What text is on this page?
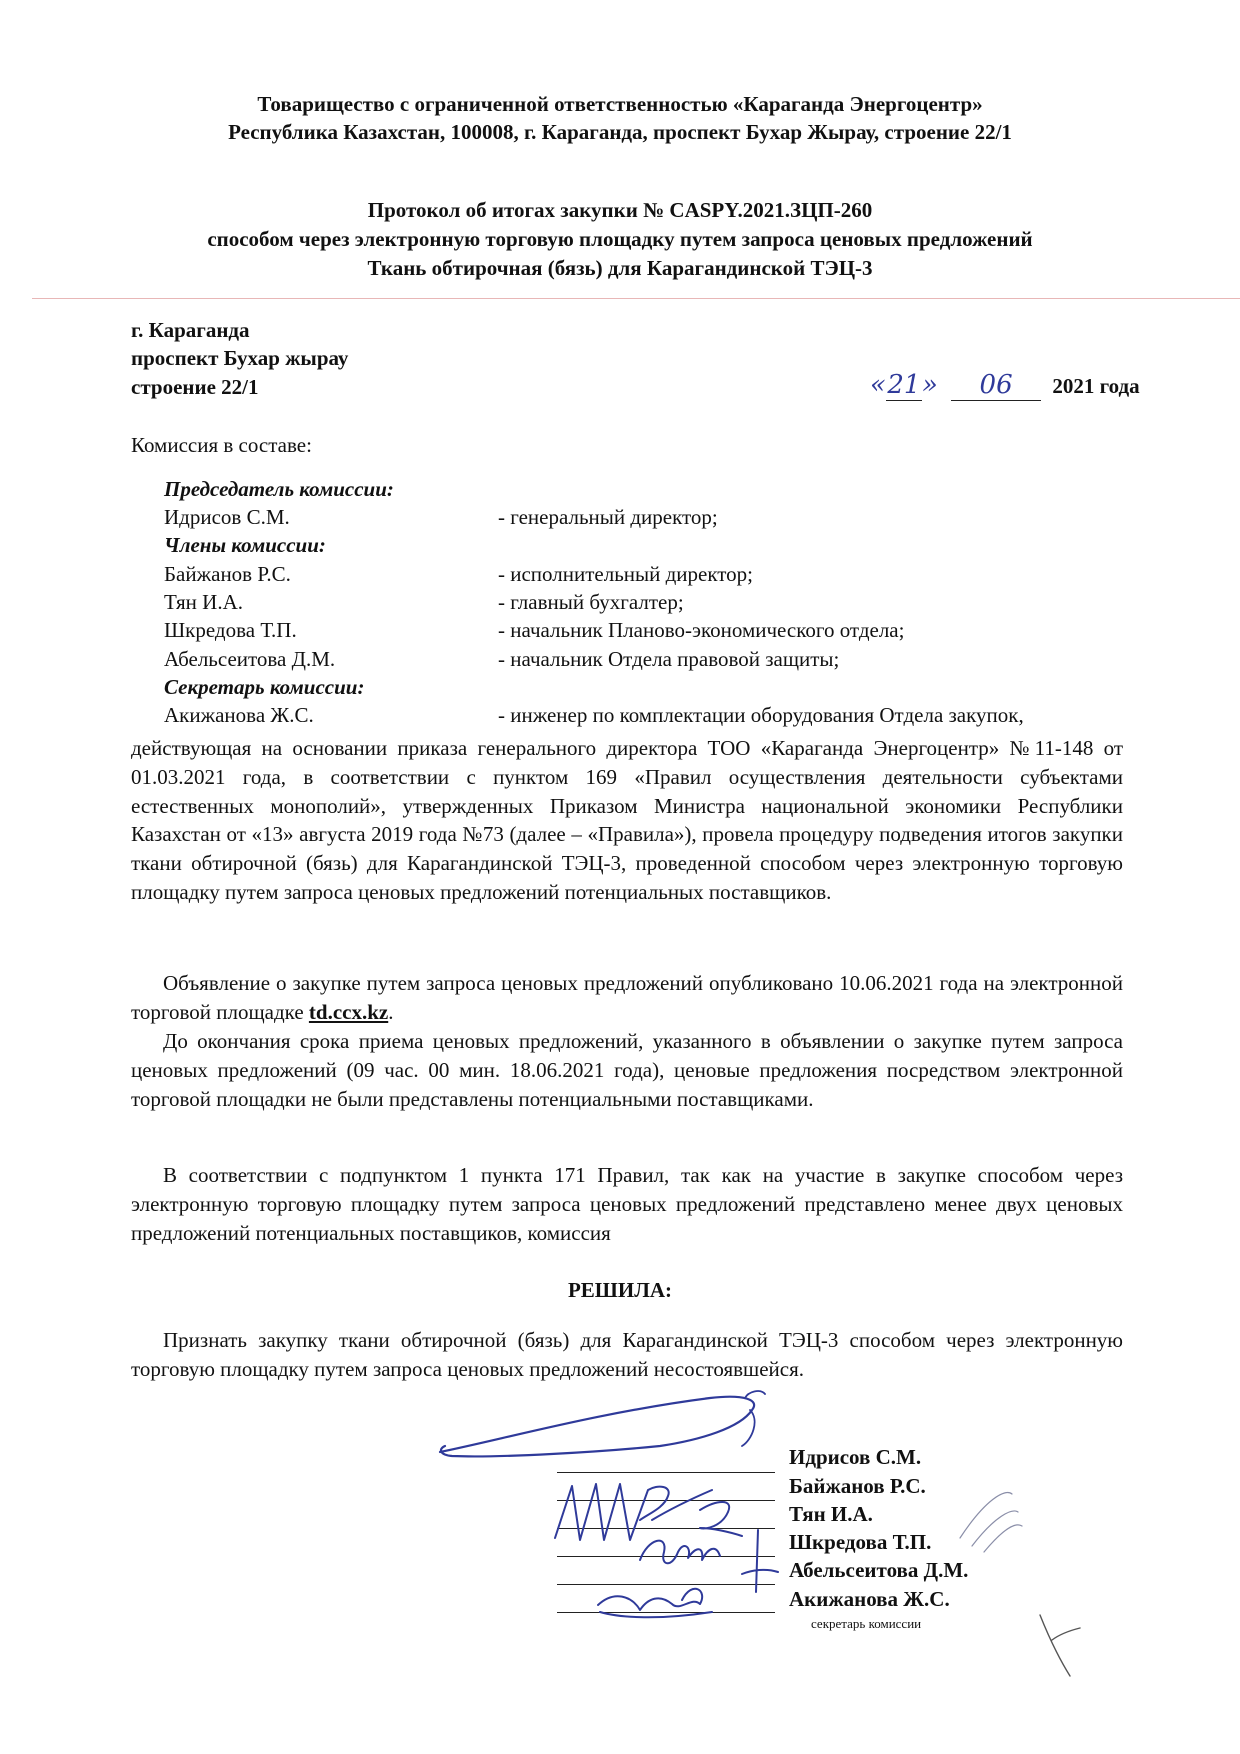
Товарищество с ограниченной ответственностью «Караганда Энергоцентр»
Республика Казахстан, 100008, г. Караганда, проспект Бухар Жырау, строение 22/1
Протокол об итогах закупки № CASPY.2021.ЗЦП-260
способом через электронную торговую площадку путем запроса ценовых предложений
Ткань обтирочная (бязь) для Карагандинской ТЭЦ-3
г. Караганда
проспект Бухар жырау
строение 22/1	«21» 06 2021 года
Комиссия в составе:
Председатель комиссии:
Идрисов С.М.	- генеральный директор;
Члены комиссии:
Байжанов Р.С.	- исполнительный директор;
Тян И.А.	- главный бухгалтер;
Шкредова Т.П.	- начальник Планово-экономического отдела;
Абельсеитова Д.М.	- начальник Отдела правовой защиты;
Секретарь комиссии:
Акижанова Ж.С.	- инженер по комплектации оборудования Отдела закупок,
действующая на основании приказа генерального директора ТОО «Караганда Энергоцентр» №11-148 от 01.03.2021 года, в соответствии с пунктом 169 «Правил осуществления деятельности субъектами естественных монополий», утвержденных Приказом Министра национальной экономики Республики Казахстан от «13» августа 2019 года №73 (далее – «Правила»), провела процедуру подведения итогов закупки ткани обтирочной (бязь) для Карагандинской ТЭЦ-3, проведенной способом через электронную торговую площадку путем запроса ценовых предложений потенциальных поставщиков.
Объявление о закупке путем запроса ценовых предложений опубликовано 10.06.2021 года на электронной торговой площадке td.ccx.kz.
До окончания срока приема ценовых предложений, указанного в объявлении о закупке путем запроса ценовых предложений (09 час. 00 мин. 18.06.2021 года), ценовые предложения посредством электронной торговой площадки не были представлены потенциальными поставщиками.
В соответствии с подпунктом 1 пункта 171 Правил, так как на участие в закупке способом через электронную торговую площадку путем запроса ценовых предложений представлено менее двух ценовых предложений потенциальных поставщиков, комиссия
РЕШИЛА:
Признать закупку ткани обтирочной (бязь) для Карагандинской ТЭЦ-3 способом через электронную торговую площадку путем запроса ценовых предложений несостоявшейся.
Идрисов С.М.
Байжанов Р.С.
Тян И.А.
Шкредова Т.П.
Абельсеитова Д.М.
Акижанова Ж.С.
секретарь комиссии
